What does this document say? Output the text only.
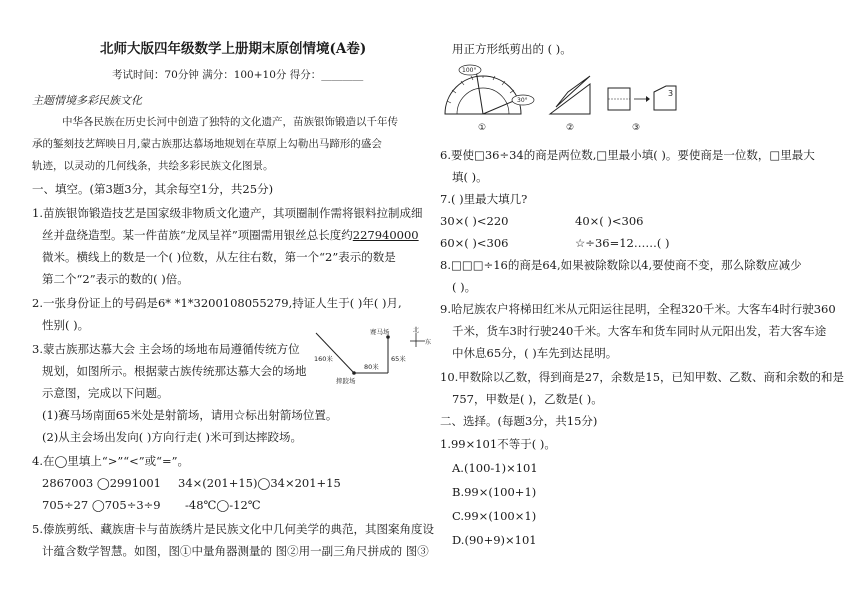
北师大版四年级数学上册期末原创情境(A卷)
考试时间：70分钟 满分：100+10分 得分：________
主题情境多彩民族文化
中华各民族在历史长河中创造了独特的文化遗产，苗族银饰锻造以千年传
承的錾刻技艺辉映日月,蒙古族那达慕场地规划在草原上勾勒出马蹄形的盛会
轨迹，以灵动的几何线条，共绘多彩民族文化图景。
一、填空。(第3题3分，其余每空1分，共25分)
1.苗族银饰锻造技艺是国家级非物质文化遗产，其项圈制作需将银料拉制成细
丝并盘绕造型。某一件苗族“龙凤呈祥”项圈需用银丝总长度约227940000
微米。横线上的数是一个( )位数，从左往右数，第一个“2”表示的数是
第二个“2”表示的数的( )倍。
2.一张身份证上的号码是6* *1*3200108055279,持证人生于( )年( )月,
性别( )。
3.蒙古族那达慕大会 主会场的场地布局遵循传统方位
规划，如图所示。根据蒙古族传统那达慕大会的场地
示意图，完成以下问题。
(1)赛马场南面65米处是射箭场，请用☆标出射箭场位置。
(2)从主会场出发向( )方向行走( )米可到达摔跤场。
4.在◯里填上“>”“<”或“=”。
2867003 ◯2991001 34×(201+15)◯34×201+15
705÷27 ◯705÷3÷9 -48℃◯-12℃
5.傣族剪纸、藏族唐卡与苗族绣片是民族文化中几何美学的典范，其图案角度设
计蕴含数学智慧。如图，图①中量角器测量的 图②用一副三角尺拼成的 图③
160米
80米
65米
赛马场
摔跤场
北
东
用正方形纸剪出的 ( )。
6.要使□36÷34的商是两位数,□里最小填( )。要使商是一位数，□里最大
填( )。
7.( )里最大填几?
30×( )<220	40×( )<306
60×( )<306	☆÷36=12……( )
8.□□□÷16的商是64,如果被除数除以4,要使商不变，那么除数应减少
( )。
9.哈尼族农户将梯田红米从元阳运往昆明，全程320千米。大客车4时行驶360
千米，货车3时行驶240千米。大客车和货车同时从元阳出发，若大客车途
中休息65分，( )车先到达昆明。
10.甲数除以乙数，得到商是27，余数是15，已知甲数、乙数、商和余数的和是
757，甲数是( )，乙数是( )。
二、选择。(每题3分，共15分)
1.99×101不等于( )。
A.(100-1)×101
B.99×(100+1)
C.99×(100×1)
D.(90+9)×101
100°
30°
3
①	②	③
